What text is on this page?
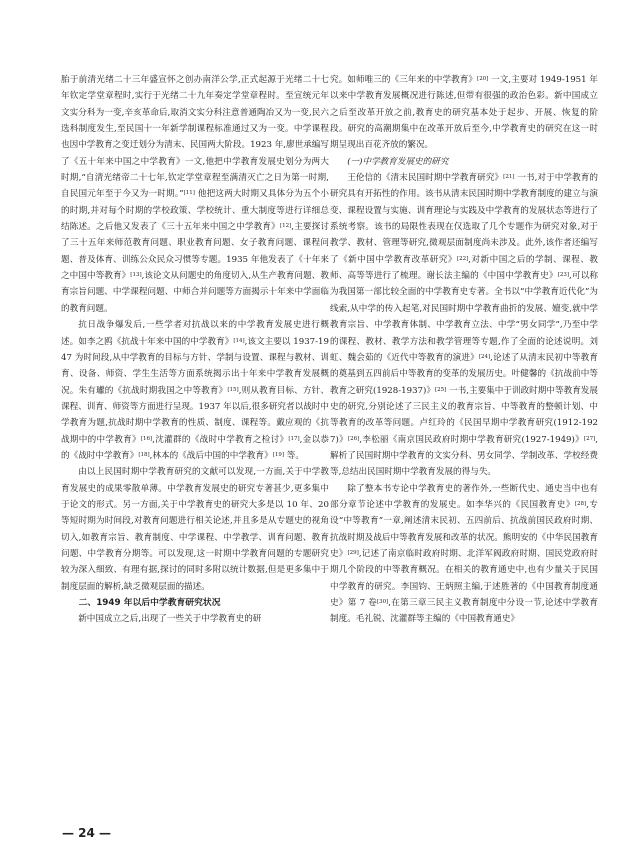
胎于前清光绪二十三年盛宣怀之创办南洋公学,正式起源于光绪二十七年钦定学堂章程时,实行于光绪二十九年奏定学堂章程时。至宣统元年文实分科为一变,辛亥革命后,取消文实分科注意普通陶冶又为一变,民六选科制度发生,至民国十一年新学制课程标准通过又为一变。中学课程也因中学教育之变迁划分为清末、民国两大阶段。1923 年,廖世承编写了《五十年来中国之中学教育》一文,他把中学教育发展史划分为两大时期,“自清光绪帝二十七年,钦定学堂章程至满清灭亡之日为第一时期,自民国元年至于今又为一时期。”[11] 他把这两大时期又具体分为五个小的时期,并对每个时期的学校政策、学校统计、重大制度等进行详细总结陈述。之后他又发表了《三十五年来中国之中学教育》[12],主要探讨了三十五年来师范教育问题、职业教育问题、女子教育问题、课程问题、普及体育、训练公众民众习惯等专题。1935 年他发表了《十年来之中国中等教育》[13],该论文从问题史的角度切入,从生产教育问题、教育宗旨问题、中学课程问题、中师合并问题等方面揭示十年来中学面临的教育问题。

抗日战争爆发后,一些学者对抗战以来的中学教育发展史进行概述。如李之鸥《抗战十年来中国的中学教育》[14],该文主要以 1937-1947 为时间段,从中学教育的目标与方针、学制与设置、课程与教材、训育、设备、师资、学生生活等方面系统揭示出十年来中学教育发展概况。朱有瓛的《抗战时期我国之中等教育》[15],则从教育目标、方针、课程、训育、师资等方面进行呈现。1937 年以后,很多研究者以战时中学教育为题,抗战时期中学教育的性质、制度、课程等。戴应观的《抗战期中的中学教育》[16],沈灌群的《战时中学教育之检讨》[17],金以恭的《战时中学教育》[18],林本的《战后中国的中学教育》[19] 等。

由以上民国时期中学教育研究的文献可以发现,一方面,关于中学教育发展史的成果零散单薄。中学教育发展史的研究专著甚少,更多集中于论文的形式。另一方面,关于中学教育史的研究大多是以 10 年、20 等短时期为时间段,对教育问题进行相关论述,并且多是从专题史的视角切入,如教育宗旨、教育制度、中学课程、中学教学、训育问题、教育问题、中学教育分期等。可以发现,这一时期中学教育问题的专题研究较为深入细致、有理有据,探讨的同时多附以统计数据,但是更多集中于制度层面的解析,缺乏微观层面的描述。

二、1949 年以后中学教育研究状况

新中国成立之后,出现了一些关于中学教育史的研

究。如师唯三的《三年来的中学教育》[20] 一文,主要对 1949-1951 年以来中学教育发展概况进行陈述,但带有很强的政治色彩。新中国成立之后至改革开放之前,教育史的研究基本处于起步、开展、恢复的阶段。研究的高潮期集中在改革开放后至今,中学教育史的研究在这一时期呈现出百花齐放的繁况。

(一)中学教育发展史的研究

王伦信的《清末民国时期中学教育研究》[21] 一书,对于中学教育的研究具有开拓性的作用。该书从清末民国时期中学教育制度的建立与演变、课程设置与实施、训育理论与实践及中学教育的发展状态等进行了系统考察。该书的局限性表现在仅选取了几个专题作为研究对象,对于教学、教材、管理等研究,微观层面制度尚未涉及。此外,该作者还编写了《新中国中学教育改革研究》[22],对新中国之后的学制、课程、教师、高等等进行了梳理。谢长法主编的《中国中学教育史》[23],可以称为我国第一部比较全面的中学教育史专著。全书以“中学教育近代化”为线索,从中学的传入起笔,对民国时期中学教育曲折的发展、嬗变,就中学教育宗旨、中学教育体制、中学教育立法、中学“男女同学”,乃至中学的课程、教材、教学方法和教学管理等专题,作了全面的论述说明。刘虹、魏会茹的《近代中等教育的演进》[24],论述了从清末民初中等教育的奠基到五四前后中等教育的变革的发展历史。叶健馨的《抗战前中等教育之研究(1928-1937)》[25] 一书,主要集中于训政时期中等教育发展史的研究,分别论述了三民主义的教育宗旨、中等教育的整顿计划、中等教育的改革等问题。卢红玲的《民国早期中学教育研究(1912-1927)》[26],李松丽《南京国民政府时期中学教育研究(1927-1949)》[27],解析了民国时期中学教育的文实分科、男女同学、学制改革、学校经费等,总结出民国时期中学教育发展的得与失。

除了整本书专论中学教育史的著作外,一些断代史、通史当中也有部分章节论述中学教育的发展史。如李华兴的《民国教育史》[28],专设“中等教育”一章,阐述清末民初、五四前后、抗战前国民政府时期、抗战时期及战后中等教育发展和改革的状况。熊明安的《中华民国教育史》[29],记述了南京临时政府时期、北洋军阀政府时期、国民党政府时期几个阶段的中等教育概况。在相关的教育通史中,也有少量关于民国中学教育的研究。李国钧、王炳照主编,于述胜著的《中国教育制度通史》第 7 卷[30],在第三章三民主义教育制度中分设一节,论述中学教育制度。毛礼锐、沈灌群等主编的《中国教育通史》

— 24 —
